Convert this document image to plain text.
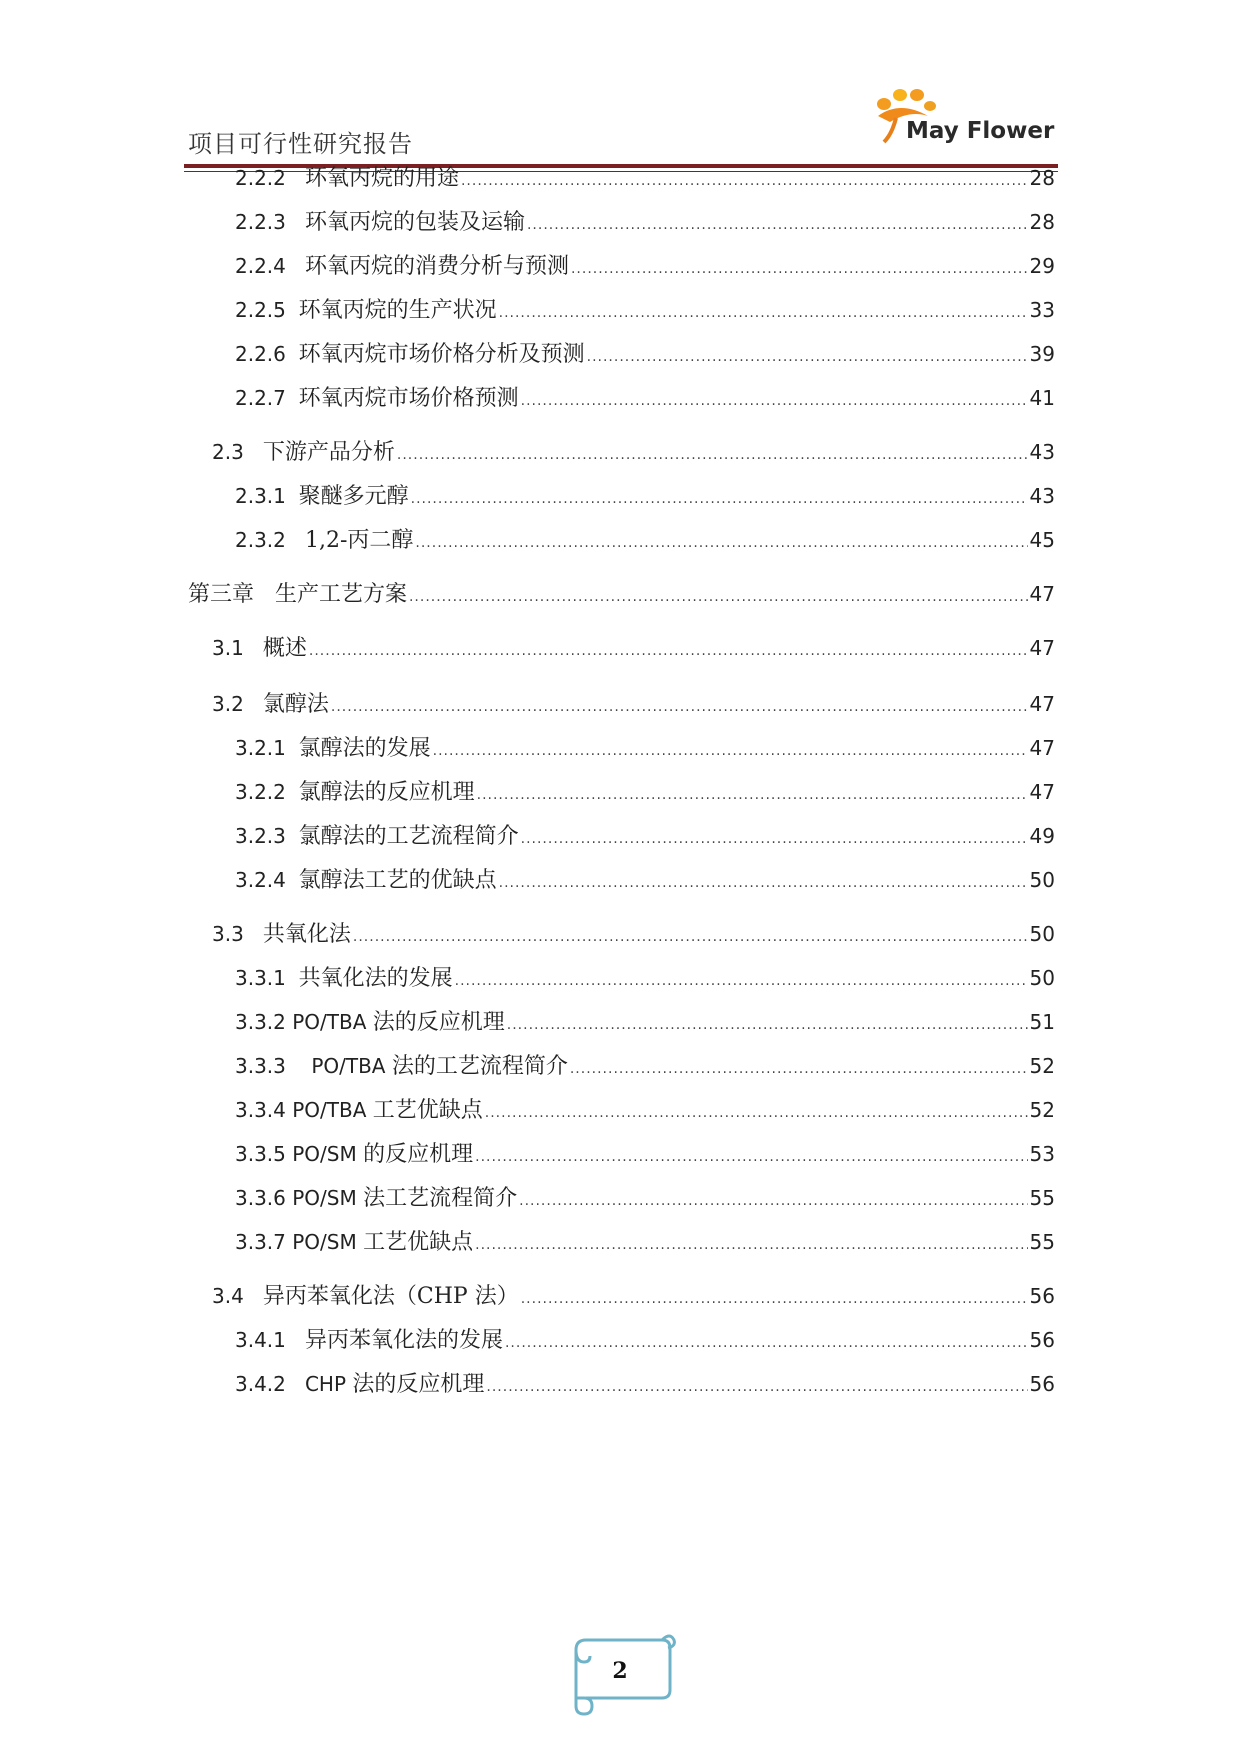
项目可行性研究报告	May Flower
2.2.2 环氧丙烷的用途 .....	28
2.2.3 环氧丙烷的包装及运输 .....	28
2.2.4 环氧丙烷的消费分析与预测 .....	29
2.2.5 环氧丙烷的生产状况 .....	33
2.2.6 环氧丙烷市场价格分析及预测 .....	39
2.2.7 环氧丙烷市场价格预测 .....	41
2.3 下游产品分析 .....	43
2.3.1 聚醚多元醇 .....	43
2.3.2 1,2-丙二醇 .....	45
第三章   生产工艺方案 .....	47
3.1 概述 .....	47
3.2 氯醇法 .....	47
3.2.1 氯醇法的发展 .....	47
3.2.2 氯醇法的反应机理 .....	47
3.2.3 氯醇法的工艺流程简介 .....	49
3.2.4 氯醇法工艺的优缺点 .....	50
3.3 共氧化法 .....	50
3.3.1 共氧化法的发展 .....	50
3.3.2 PO/TBA 法的反应机理 .....	51
3.3.3    PO/TBA 法的工艺流程简介 .....	52
3.3.4 PO/TBA 工艺优缺点 .....	52
3.3.5 PO/SM 的反应机理 .....	53
3.3.6 PO/SM 法工艺流程简介 .....	55
3.3.7 PO/SM 工艺优缺点 .....	55
3.4 异丙苯氧化法（CHP 法） .....	56
3.4.1 异丙苯氧化法的发展 .....	56
3.4.2   CHP 法的反应机理 .....	56
2
